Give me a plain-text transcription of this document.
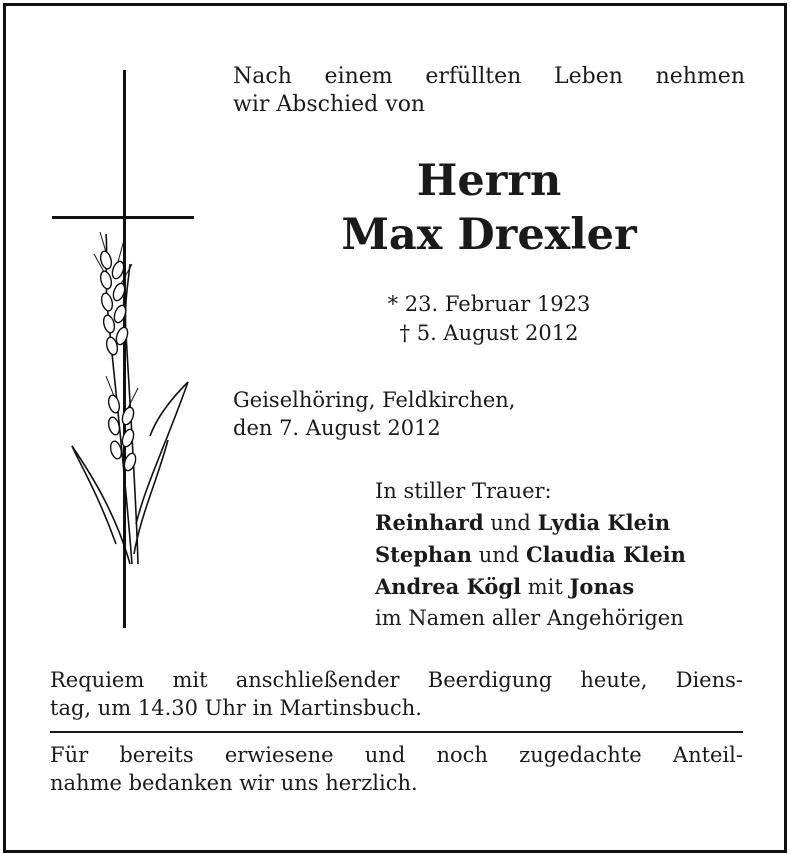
Nach einem erfüllten Leben nehmen
wir Abschied von
Herrn
Max Drexler
* 23. Februar 1923
† 5. August 2012
Geiselhöring, Feldkirchen,
den 7. August 2012
In stiller Trauer:
Reinhard und Lydia Klein
Stephan und Claudia Klein
Andrea Kögl mit Jonas
im Namen aller Angehörigen
Requiem mit anschließender Beerdigung heute, Diens-
tag, um 14.30 Uhr in Martinsbuch.
Für bereits erwiesene und noch zugedachte Anteil-
nahme bedanken wir uns herzlich.
